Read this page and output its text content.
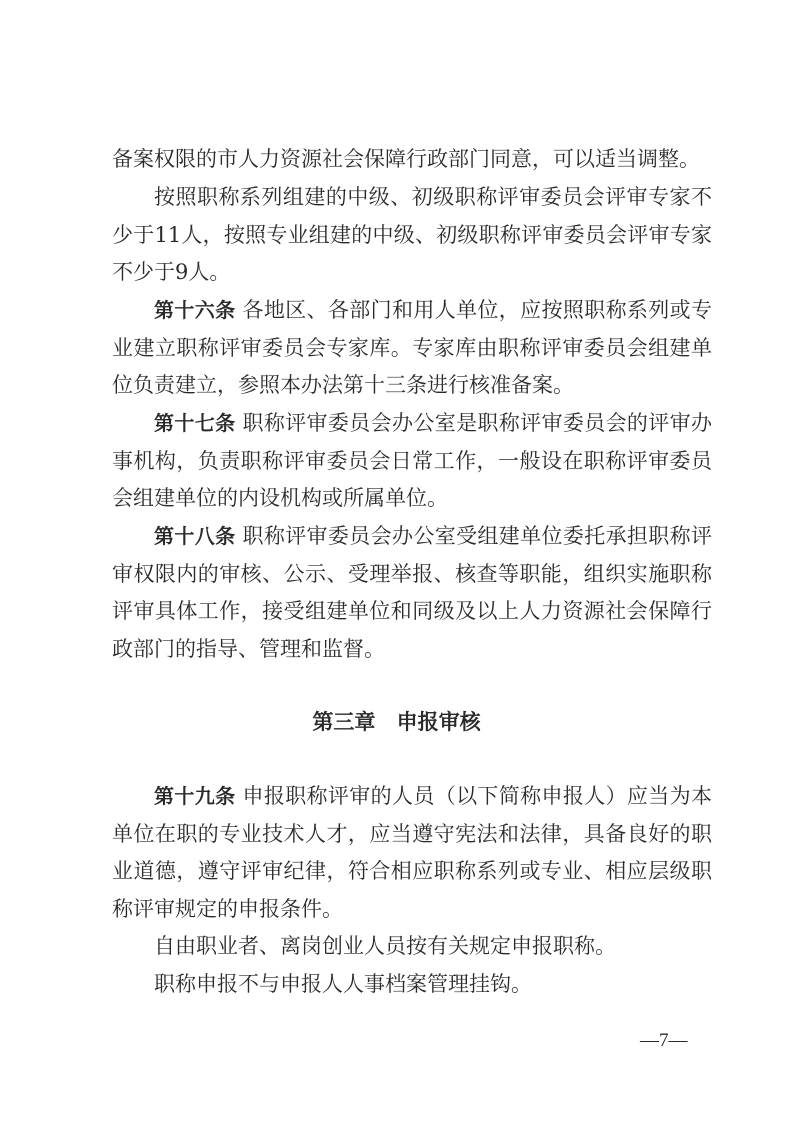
备案权限的市人力资源社会保障行政部门同意，可以适当调整。

按照职称系列组建的中级、初级职称评审委员会评审专家不少于11人，按照专业组建的中级、初级职称评审委员会评审专家不少于9人。

第十六条 各地区、各部门和用人单位，应按照职称系列或专业建立职称评审委员会专家库。专家库由职称评审委员会组建单位负责建立，参照本办法第十三条进行核准备案。

第十七条 职称评审委员会办公室是职称评审委员会的评审办事机构，负责职称评审委员会日常工作，一般设在职称评审委员会组建单位的内设机构或所属单位。

第十八条 职称评审委员会办公室受组建单位委托承担职称评审权限内的审核、公示、受理举报、核查等职能，组织实施职称评审具体工作，接受组建单位和同级及以上人力资源社会保障行政部门的指导、管理和监督。

第三章 申报审核

第十九条 申报职称评审的人员（以下简称申报人）应当为本单位在职的专业技术人才，应当遵守宪法和法律，具备良好的职业道德，遵守评审纪律，符合相应职称系列或专业、相应层级职称评审规定的申报条件。

自由职业者、离岗创业人员按有关规定申报职称。

职称申报不与申报人人事档案管理挂钩。

—7—
